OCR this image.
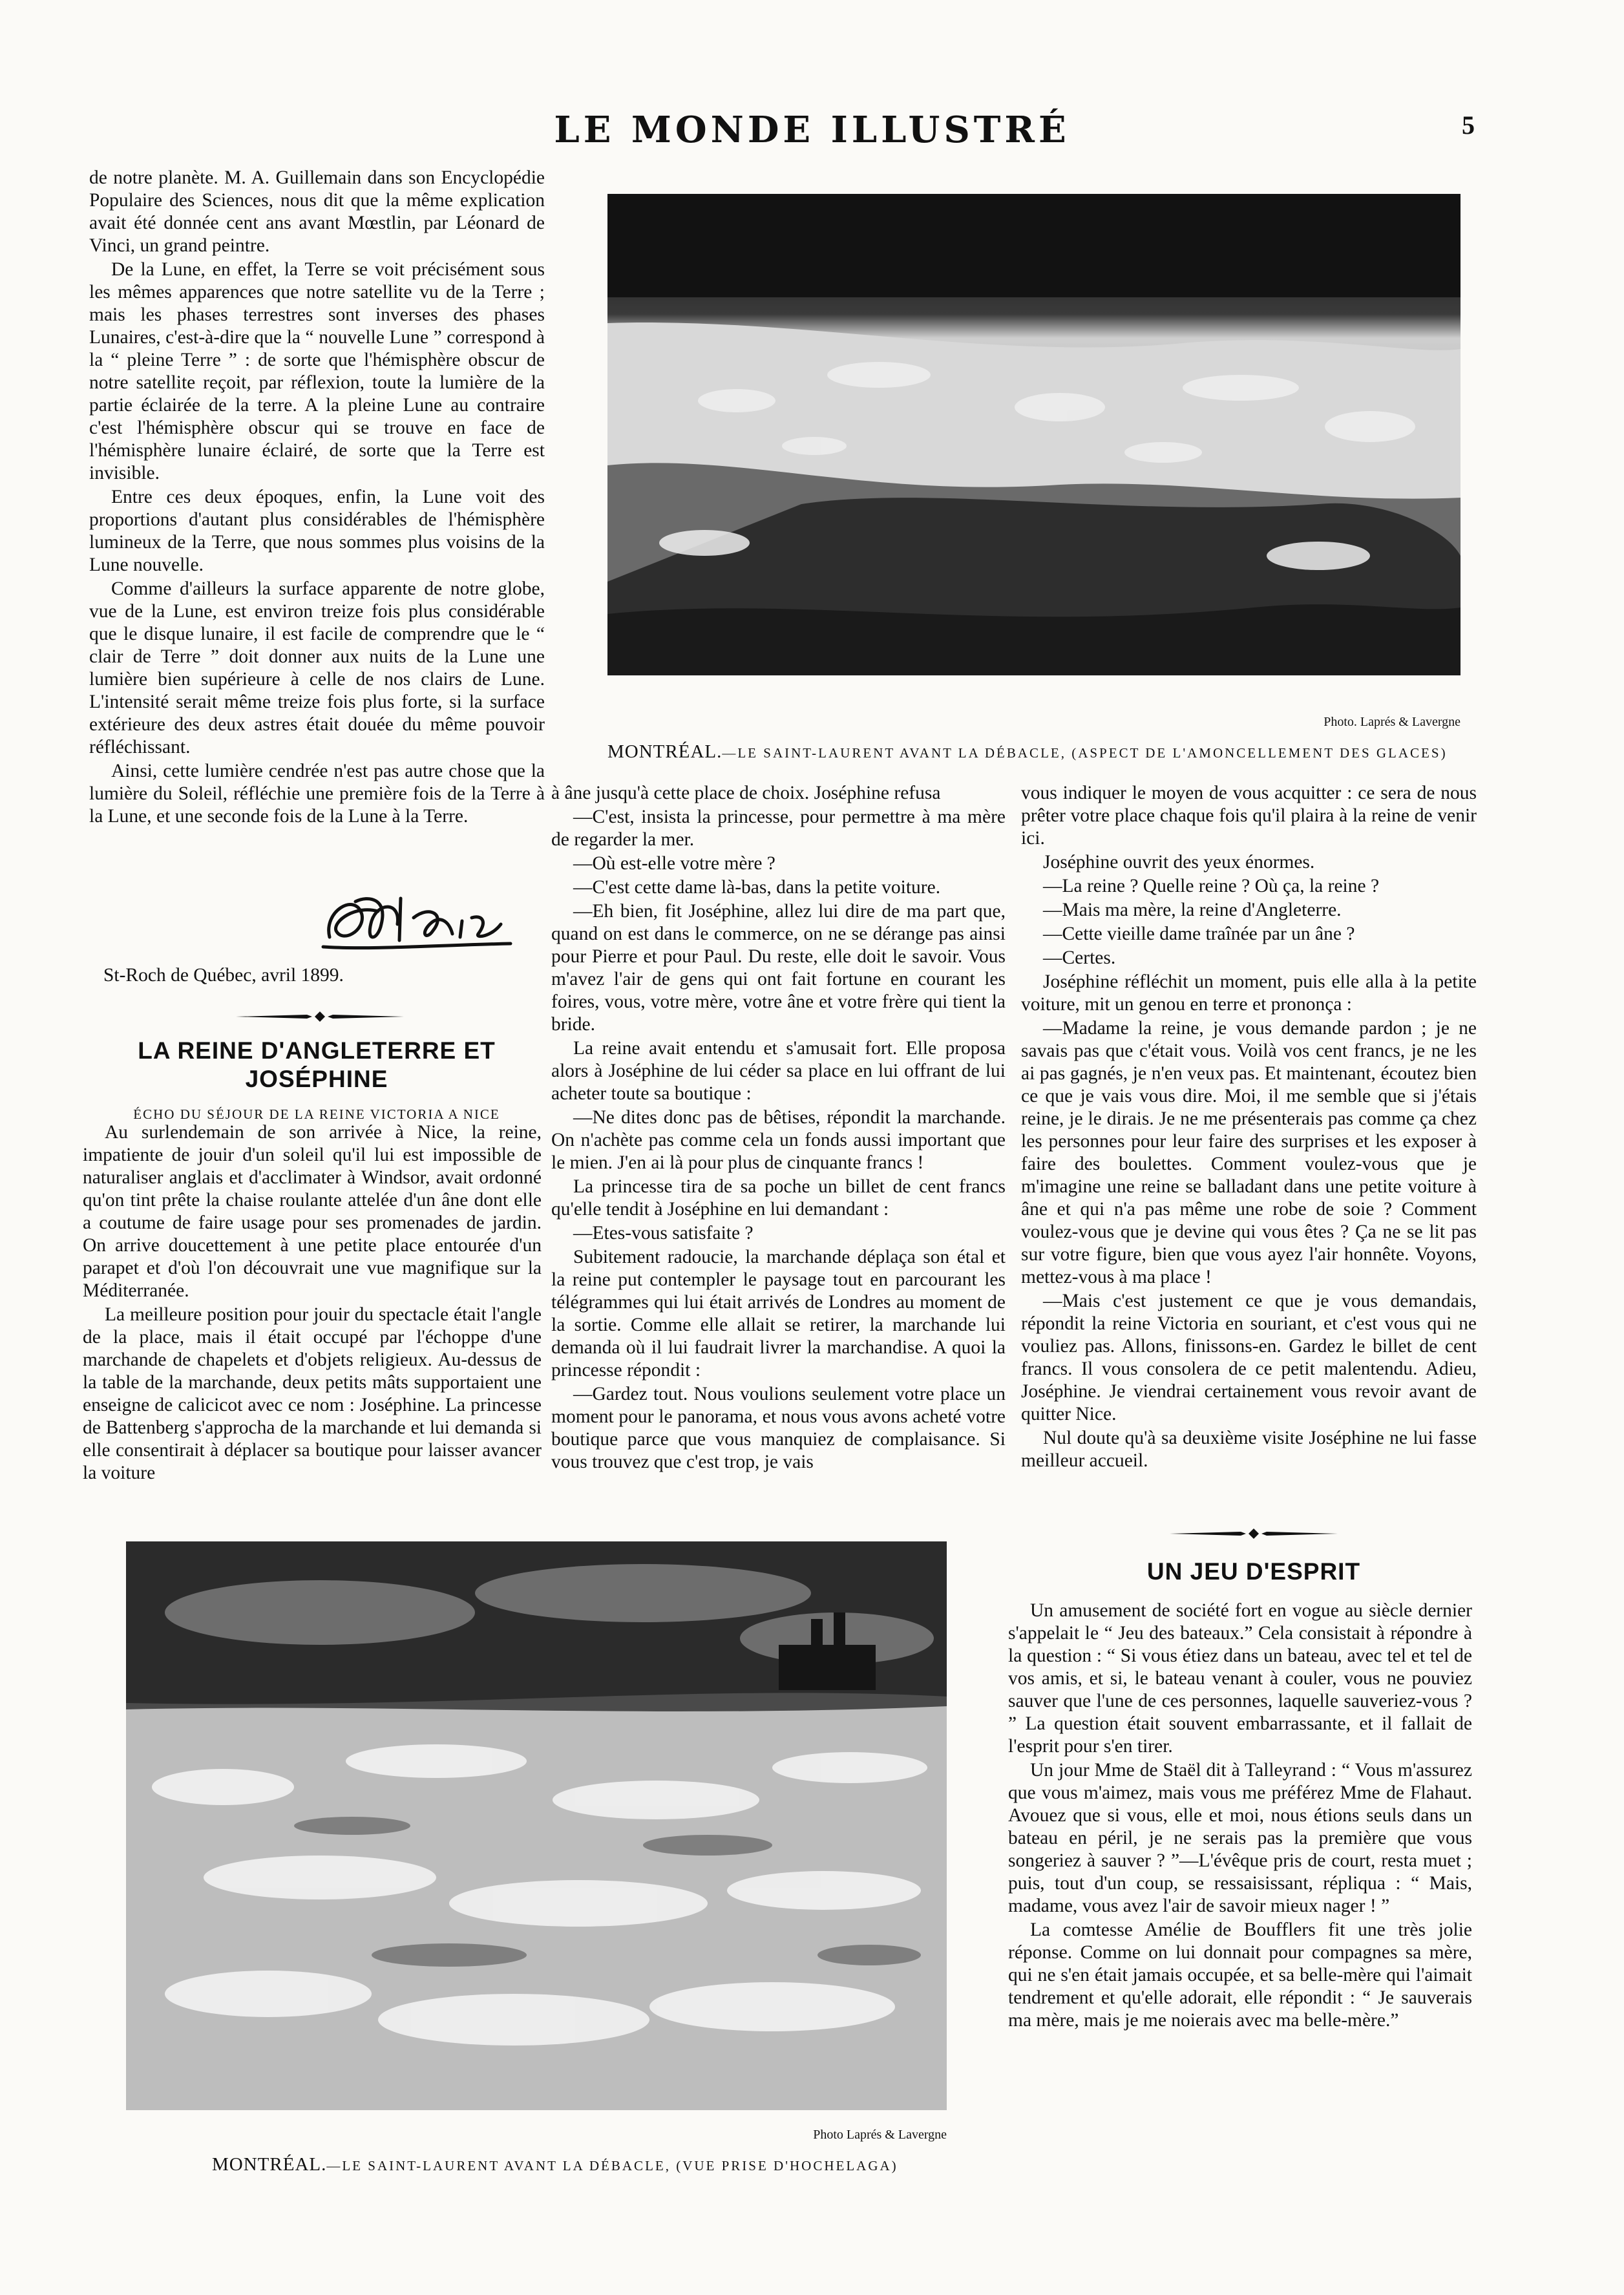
LE MONDE ILLUSTRÉ	5

de notre planète. M. A. Guillemain dans son Encyclopédie Populaire des Sciences, nous dit que la même explication avait été donnée cent ans avant Mœstlin, par Léonard de Vinci, un grand peintre.

De la Lune, en effet, la Terre se voit précisément sous les mêmes apparences que notre satellite vu de la Terre ; mais les phases terrestres sont inverses des phases Lunaires, c'est-à-dire que la “ nouvelle Lune ” correspond à la “ pleine Terre ” : de sorte que l'hémisphère obscur de notre satellite reçoit, par réflexion, toute la lumière de la partie éclairée de la terre. A la pleine Lune au contraire c'est l'hémisphère obscur qui se trouve en face de l'hémisphère lunaire éclairé, de sorte que la Terre est invisible.

Entre ces deux époques, enfin, la Lune voit des proportions d'autant plus considérables de l'hémisphère lumineux de la Terre, que nous sommes plus voisins de la Lune nouvelle.

Comme d'ailleurs la surface apparente de notre globe, vue de la Lune, est environ treize fois plus considérable que le disque lunaire, il est facile de comprendre que le “ clair de Terre ” doit donner aux nuits de la Lune une lumière bien supérieure à celle de nos clairs de Lune. L'intensité serait même treize fois plus forte, si la surface extérieure des deux astres était douée du même pouvoir réfléchissant.

Ainsi, cette lumière cendrée n'est pas autre chose que la lumière du Soleil, réfléchie une première fois de la Terre à la Lune, et une seconde fois de la Lune à la Terre.

St-Roch de Québec, avril 1899.
LA REINE D'ANGLETERRE ET JOSÉPHINE
ÉCHO DU SÉJOUR DE LA REINE VICTORIA A NICE

Au surlendemain de son arrivée à Nice, la reine, impatiente de jouir d'un soleil qu'il lui est impossible de naturaliser anglais et d'acclimater à Windsor, avait ordonné qu'on tint prête la chaise roulante attelée d'un âne dont elle a coutume de faire usage pour ses promenades de jardin. On arrive doucettement à une petite place entourée d'un parapet et d'où l'on découvrait une vue magnifique sur la Méditerranée.

La meilleure position pour jouir du spectacle était l'angle de la place, mais il était occupé par l'échoppe d'une marchande de chapelets et d'objets religieux. Au-dessus de la table de la marchande, deux petits mâts supportaient une enseigne de calicicot avec ce nom : Joséphine. La princesse de Battenberg s'approcha de la marchande et lui demanda si elle consentirait à déplacer sa boutique pour laisser avancer la voiture

Photo. Laprés & Lavergne
MONTRÉAL.—LE SAINT-LAURENT AVANT LA DÉBACLE, (ASPECT DE L'AMONCELLEMENT DES GLACES)

à âne jusqu'à cette place de choix. Joséphine refusa

—C'est, insista la princesse, pour permettre à ma mère de regarder la mer.

—Où est-elle votre mère ?

—C'est cette dame là-bas, dans la petite voiture.

—Eh bien, fit Joséphine, allez lui dire de ma part que, quand on est dans le commerce, on ne se dérange pas ainsi pour Pierre et pour Paul. Du reste, elle doit le savoir. Vous m'avez l'air de gens qui ont fait fortune en courant les foires, vous, votre mère, votre âne et votre frère qui tient la bride.

La reine avait entendu et s'amusait fort. Elle proposa alors à Joséphine de lui céder sa place en lui offrant de lui acheter toute sa boutique :

—Ne dites donc pas de bêtises, répondit la marchande. On n'achète pas comme cela un fonds aussi important que le mien. J'en ai là pour plus de cinquante francs !

La princesse tira de sa poche un billet de cent francs qu'elle tendit à Joséphine en lui demandant :

—Etes-vous satisfaite ?

Subitement radoucie, la marchande déplaça son étal et la reine put contempler le paysage tout en parcourant les télégrammes qui lui était arrivés de Londres au moment de la sortie. Comme elle allait se retirer, la marchande lui demanda où il lui faudrait livrer la marchandise. A quoi la princesse répondit :

—Gardez tout. Nous voulions seulement votre place un moment pour le panorama, et nous vous avons acheté votre boutique parce que vous manquiez de complaisance. Si vous trouvez que c'est trop, je vais

vous indiquer le moyen de vous acquitter : ce sera de nous prêter votre place chaque fois qu'il plaira à la reine de venir ici.

Joséphine ouvrit des yeux énormes.

—La reine ? Quelle reine ? Où ça, la reine ?

—Mais ma mère, la reine d'Angleterre.

—Cette vieille dame traînée par un âne ?

—Certes.

Joséphine réfléchit un moment, puis elle alla à la petite voiture, mit un genou en terre et prononça :

—Madame la reine, je vous demande pardon ; je ne savais pas que c'était vous. Voilà vos cent francs, je ne les ai pas gagnés, je n'en veux pas. Et maintenant, écoutez bien ce que je vais vous dire. Moi, il me semble que si j'étais reine, je le dirais. Je ne me présenterais pas comme ça chez les personnes pour leur faire des surprises et les exposer à faire des boulettes. Comment voulez-vous que je m'imagine une reine se balladant dans une petite voiture à âne et qui n'a pas même une robe de soie ? Comment voulez-vous que je devine qui vous êtes ? Ça ne se lit pas sur votre figure, bien que vous ayez l'air honnête. Voyons, mettez-vous à ma place !

—Mais c'est justement ce que je vous demandais, répondit la reine Victoria en souriant, et c'est vous qui ne vouliez pas. Allons, finissons-en. Gardez le billet de cent francs. Il vous consolera de ce petit malentendu. Adieu, Joséphine. Je viendrai certainement vous revoir avant de quitter Nice.

Nul doute qu'à sa deuxième visite Joséphine ne lui fasse meilleur accueil.

Photo Laprés & Lavergne
MONTRÉAL.—LE SAINT-LAURENT AVANT LA DÉBACLE, (VUE PRISE D'HOCHELAGA)
UN JEU D'ESPRIT

Un amusement de société fort en vogue au siècle dernier s'appelait le “ Jeu des bateaux.” Cela consistait à répondre à la question : “ Si vous étiez dans un bateau, avec tel et tel de vos amis, et si, le bateau venant à couler, vous ne pouviez sauver que l'une de ces personnes, laquelle sauveriez-vous ? ” La question était souvent embarrassante, et il fallait de l'esprit pour s'en tirer.

Un jour Mme de Staël dit à Talleyrand : “ Vous m'assurez que vous m'aimez, mais vous me préférez Mme de Flahaut. Avouez que si vous, elle et moi, nous étions seuls dans un bateau en péril, je ne serais pas la première que vous songeriez à sauver ? ”—L'évêque pris de court, resta muet ; puis, tout d'un coup, se ressaisissant, répliqua : “ Mais, madame, vous avez l'air de savoir mieux nager ! ”

La comtesse Amélie de Boufflers fit une très jolie réponse. Comme on lui donnait pour compagnes sa mère, qui ne s'en était jamais occupée, et sa belle-mère qui l'aimait tendrement et qu'elle adorait, elle répondit : “ Je sauverais ma mère, mais je me noierais avec ma belle-mère.”
